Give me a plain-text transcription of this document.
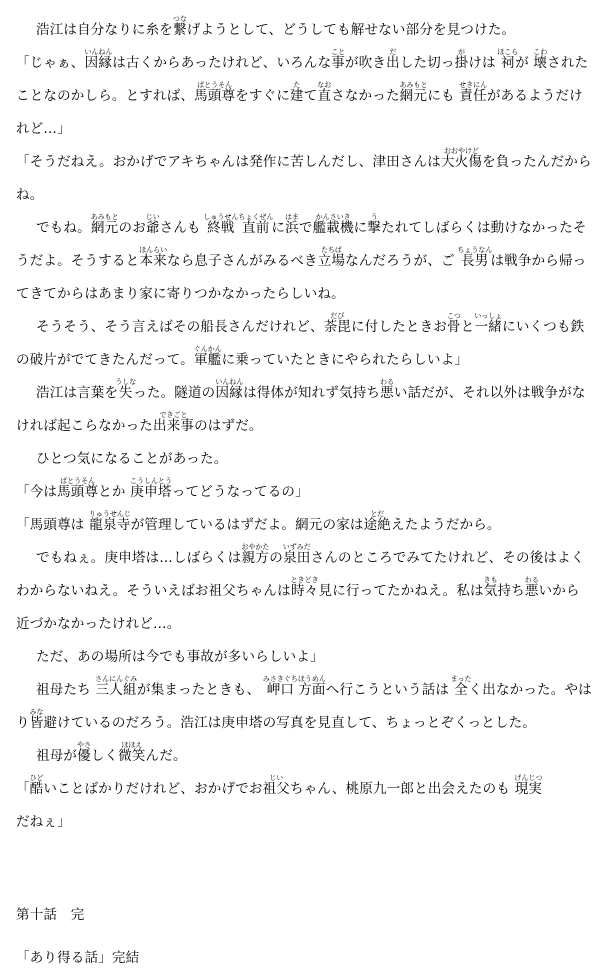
浩江は自分なりに糸を繋つなげようとして、どうしても解せない部分を見つけた。

「じゃぁ、因縁いんねんは古くからあったけれど、いろんな事ことが吹き出だした切っ掛がけは 祠ほこらが 壊こわされたことなのかしら。とすれば、馬頭尊ばとうそんをすぐに建たて直なおさなかった網元あみもとにも 責任せきにんがあるようだけれど…」

「そうだねえ。おかげでアキちゃんは発作に苦しんだし、津田さんは大火傷おおやけどを負ったんだからね。

でもね。網元あみもとのお爺じいさんも 終戦しゅうせん直前ちょくぜんに浜はまで艦載機かんさいきに撃うたれてしばらくは動けなかったそうだよ。そうすると本来ほんらいなら息子さんがみるべき立場たちばなんだろうが、ご 長男ちょうなんは戦争から帰ってきてからはあまり家に寄りつかなかったらしいね。

そうそう、そう言えばその船長さんだけれど、荼毘だびに付したときお骨こつと一緒いっしょにいくつも鉄の破片がでてきたんだって。軍艦ぐんかんに乗っていたときにやられたらしいよ」

浩江は言葉を失うしなった。隧道の因縁いんねんは得体が知れず気持ち悪わるい話だが、それ以外は戦争がなければ起こらなかった出来事できごとのはずだ。

ひとつ気になることがあった。

「今は馬頭尊ばとうそんとか 庚申塔こうしんとうってどうなってるの」

「馬頭尊は 龍泉寺りゅうせんじが管理しているはずだよ。網元の家は途絶とだえたようだから。

でもねぇ。庚申塔は…しばらくは親方おやかたの泉田いずみださんのところでみてたけれど、その後はよくわからないねえ。そういえばお祖父ちゃんは時々ときどき見に行ってたかねえ。私は気きも持ち悪わるいから近づかなかったけれど…。

ただ、あの場所は今でも事故が多いらしいよ」

祖母たち 三人組さんにんぐみが集まったときも、 岬口みさきぐち方面ほうめんへ行こうという話は 全まったく出なかった。やはり皆みな避けているのだろう。浩江は庚申塔の写真を見直して、ちょっとぞくっとした。

祖母が優やさしく微笑ほほえんだ。

「酷ひどいことばかりだけれど、おかげでお祖父じいちゃん、桃原九一郎と出会えたのも 現実げんじつだねぇ」

第十話　完

「あり得る話」完結
